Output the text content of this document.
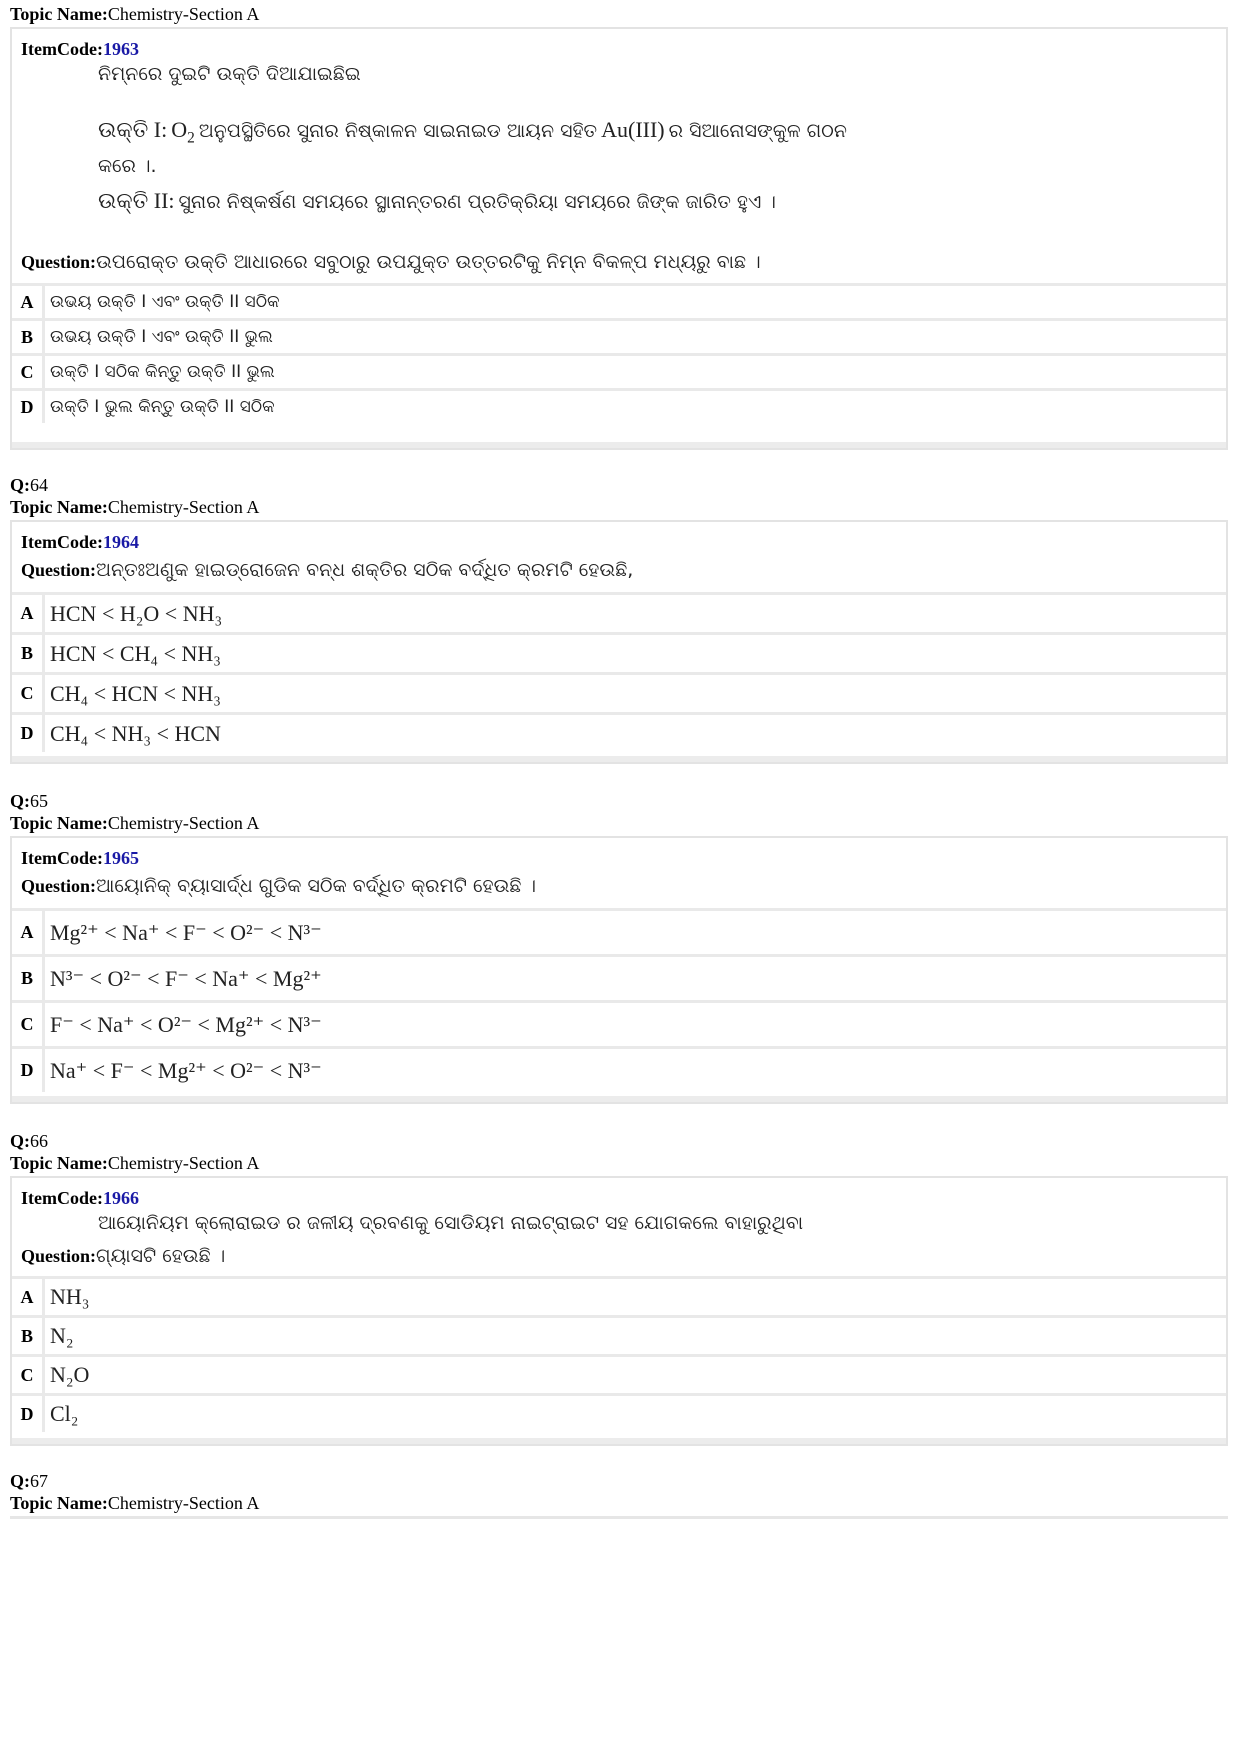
Topic Name:Chemistry-Section A
ItemCode:1963
ନିମ୍ନରେ ଦୁଇଟି ଉକ୍ତି ଦିଆଯାଇଛିଇ
ଉକ୍ତି I: $O_2$ ଅନୁପସ୍ଥିତିରେ ସୁନାର ନିଷ୍କାଳନ ସାଇନାଇଡ ଆୟନ ସହିତ Au(III) ର ସିଆନୋସଙ୍କୁଳ ଗଠନ
କରେ ।.
ଉକ୍ତି II: ସୁନାର ନିଷ୍କର୍ଷଣ ସମୟରେ ସ୍ଥାନାନ୍ତରଣ ପ୍ରତିକ୍ରିୟା ସମୟରେ ଜିଙ୍କ ଜାରିତ ହୁଏ ।
Question:ଉପରୋକ୍ତ ଉକ୍ତି ଆଧାରରେ ସବୁଠାରୁ ଉପଯୁକ୍ତ ଉତ୍ତରଟିକୁ ନିମ୍ନ ବିକଳ୍ପ ମଧ୍ୟରୁ ବାଛ ।
A ଉଭୟ ଉକ୍ତି I ଏବଂ ଉକ୍ତି II ସଠିକ
B	ଉଭୟ ଉକ୍ତି I ଏବଂ ଉକ୍ତି II ଭୁଲ
C ଉକ୍ତି I ସଠିକ କିନ୍ତୁ ଉକ୍ତି II ଭୁଲ
D ଉକ୍ତି I ଭୁଲ କିନ୍ତୁ ଉକ୍ତି II ସଠିକ
Q:64
Topic Name:Chemistry-Section A
ItemCode:1964
Question:ଅନ୍ତଃଅଣୁକ ହାଇଡ୍ରୋଜେନ ବନ୍ଧ ଶକ୍ତିର ସଠିକ ବର୍ଦ୍ଧିତ କ୍ରମଟି ହେଉଛି,
A HCN < H₂O < NH₃
B HCN < CH₄ < NH₃
C CH₄ < HCN < NH₃
D CH₄ < NH₃ < HCN
Q:65
Topic Name:Chemistry-Section A
ItemCode:1965
Question:ଆୟୋନିକ୍ ବ୍ୟାସାର୍ଦ୍ଧ ଗୁଡିକ ସଠିକ ବର୍ଦ୍ଧିତ କ୍ରମଟି ହେଉଛି ।
A Mg²⁺ < Na⁺ < F⁻ < O²⁻ < N³⁻
B N³⁻ < O²⁻ < F⁻ < Na⁺ < Mg²⁺
C F⁻ < Na⁺ < O²⁻ < Mg²⁺ < N³⁻
D Na⁺ < F⁻ < Mg²⁺ < O²⁻ < N³⁻
Q:66
Topic Name:Chemistry-Section A
ItemCode:1966
ଆୟୋନିୟମ କ୍ଲୋରାଇଡ ର ଜଳୀୟ ଦ୍ରବଣକୁ ସୋଡିୟମ ନାଇଟ୍ରାଇଟ ସହ ଯୋଗକଲେ ବାହାରୁଥିବା
Question:ଗ୍ୟାସଟି ହେଉଛି ।
A NH₃
B N₂
C N₂O
D Cl₂
Q:67
Topic Name:Chemistry-Section A
